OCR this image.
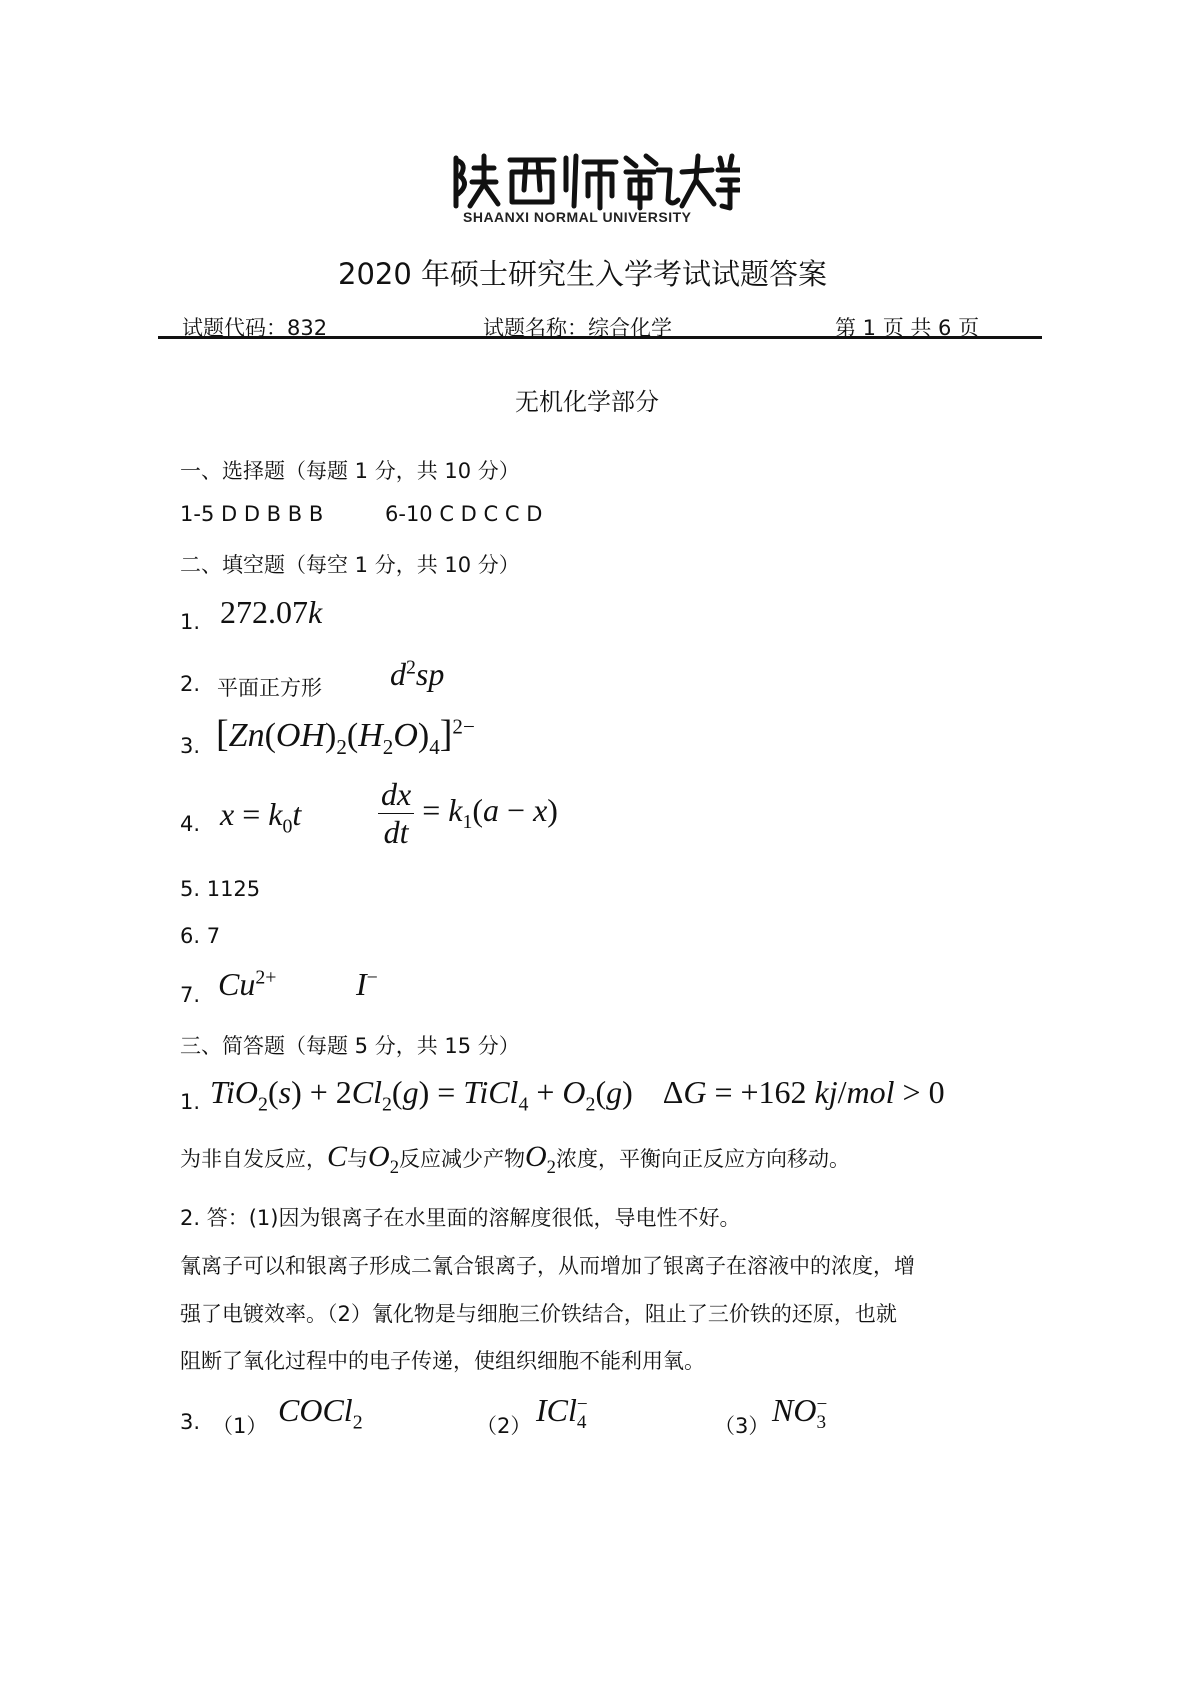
SHAANXI NORMAL UNIVERSITY
2020 年硕士研究生入学考试试题答案
试题代码：832	试题名称：综合化学	第 1 页 共 6 页
无机化学部分
一、选择题（每题 1 分，共 10 分）
1-5 D D B B B	6-10 C D C C D
二、填空题（每空 1 分，共 10 分）
1. 272.07k
2. 平面正方形 $d^2sp$
3. $[Zn(OH)_2(H_2O)_4]^{2-}$
4. $x = k_0t \frac{dx}{dt} = k_1(a - x)$
5. 1125
6. 7
7. $Cu^{2+}$ I−
三、简答题（每题 5 分，共 15 分）
1. $TiO_2(s) + 2Cl_2(g)$ = TiCl$_4$ + $O_2(g) \Delta G = +162$ kj/mol > 0
为非自发反应，C与$O_2$反应减少产物$O_2$浓度，平衡向正反应方向移动。
2. 答：(1)因为银离子在水里面的溶解度很低，导电性不好。
氰离子可以和银离子形成二氰合银离子，从而增加了银离子在溶液中的浓度，增
强了电镀效率。（2）氰化物是与细胞三价铁结合，阻止了三价铁的还原，也就
阻断了氧化过程中的电子传递，使组织细胞不能利用氧。
3. （1） COCl$_2$	（2） ICl −
4	（3） NO −
3
